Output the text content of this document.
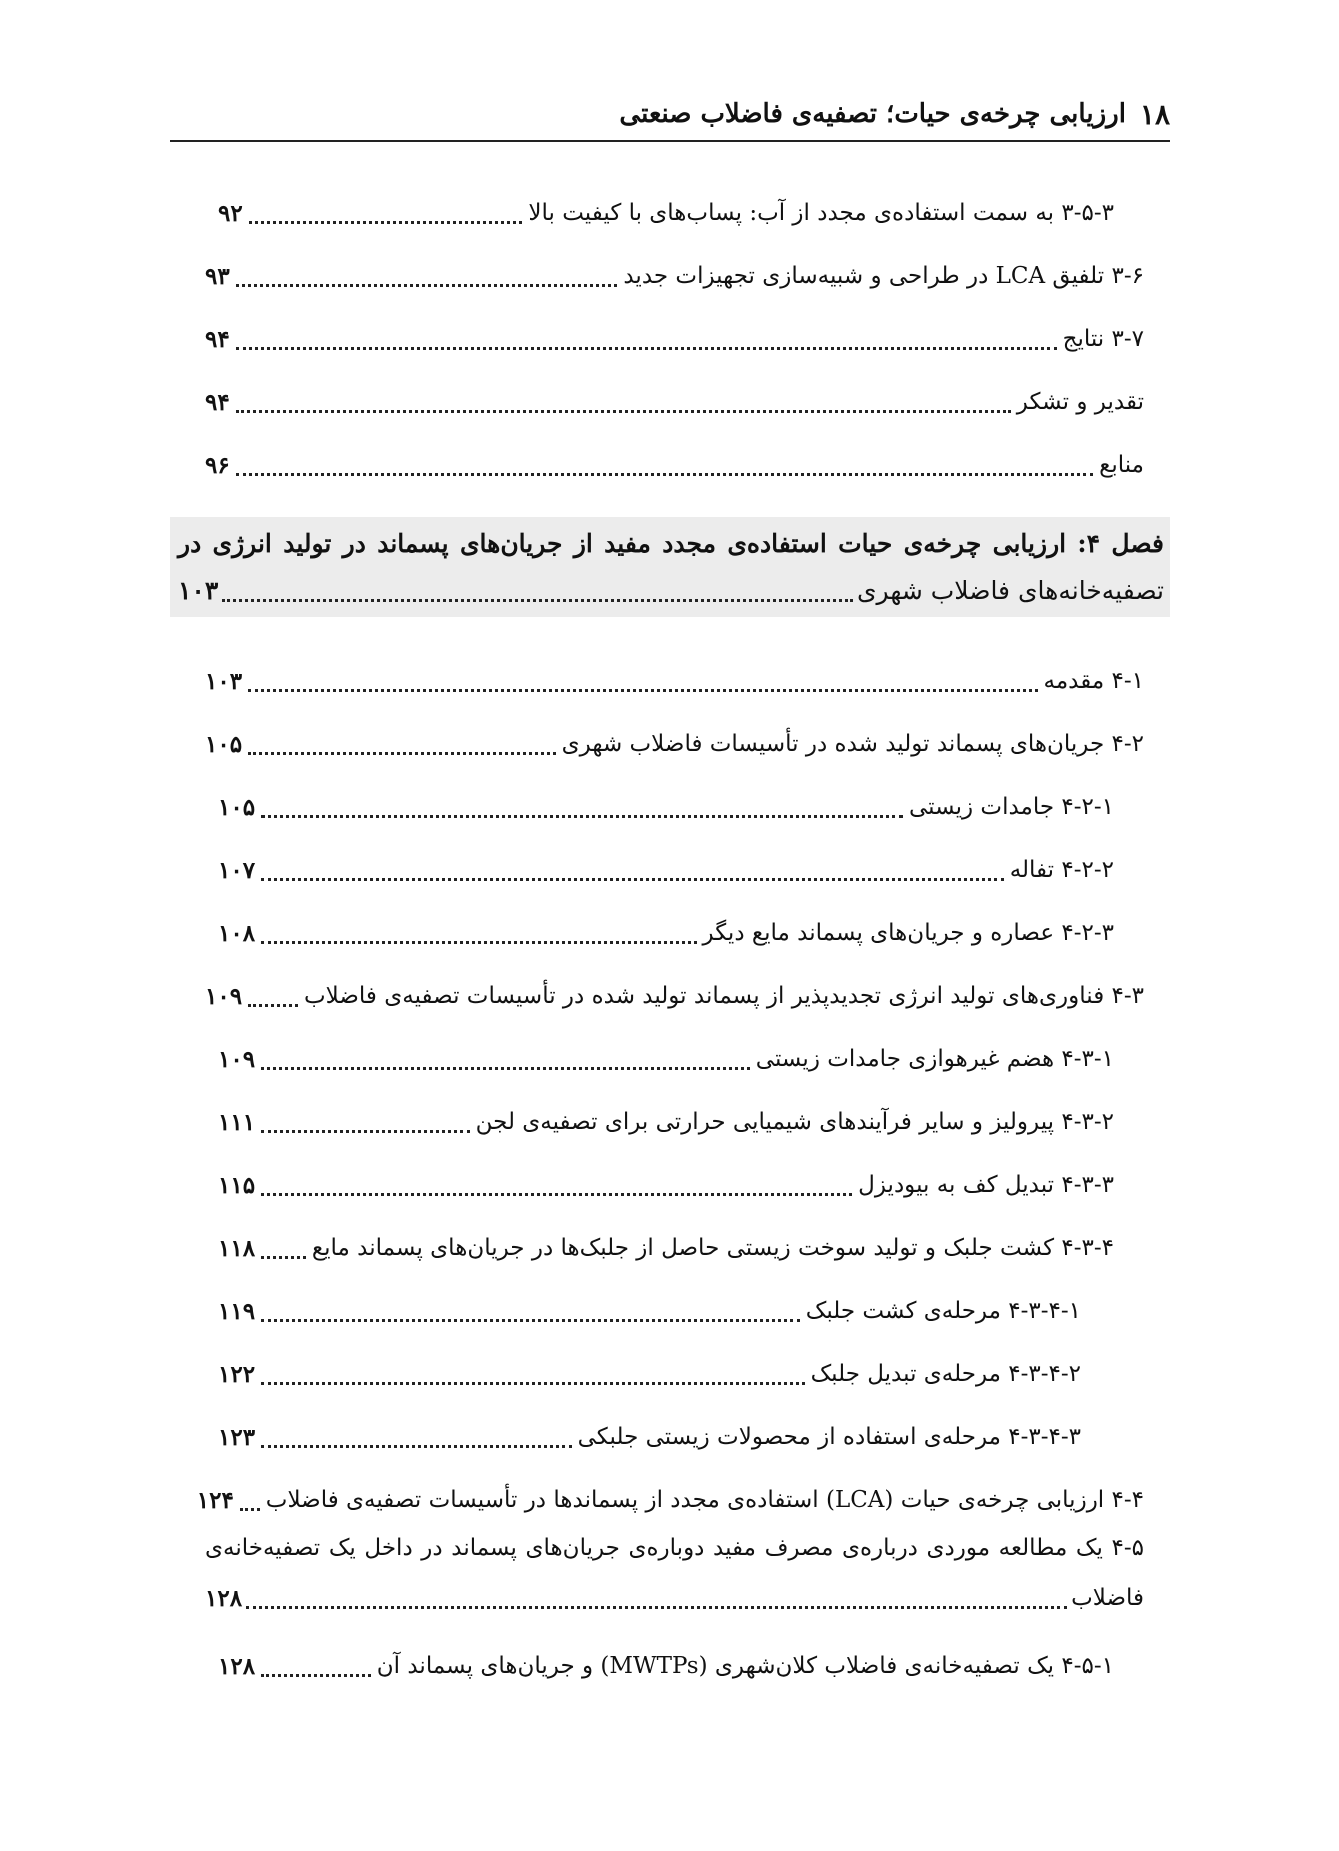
۱۸
ارزیابی چرخه‌ی حیات؛ تصفیه‌ی فاضلاب صنعتی
۳-۵-۳ به سمت استفاده‌ی مجدد از آب: پساب‌های با کیفیت بالا
۹۲
۳-۶ تلفیق LCA در طراحی و شبیه‌سازی تجهیزات جدید
۹۳
۳-۷ نتایج
۹۴
تقدیر و تشکر
۹۴
منابع
۹۶
فصل ۴: ارزیابی چرخه‌ی حیات استفاده‌ی مجدد مفید از جریان‌های پسماند در تولید انرژی در
تصفیه‌خانه‌های فاضلاب شهری
۱۰۳
۴-۱ مقدمه
۱۰۳
۴-۲ جریان‌های پسماند تولید شده در تأسیسات فاضلاب شهری
۱۰۵
۴-۲-۱ جامدات زیستی
۱۰۵
۴-۲-۲ تفاله
۱۰۷
۴-۲-۳ عصاره و جریان‌های پسماند مایع دیگر
۱۰۸
۴-۳ فناوری‌های تولید انرژی تجدیدپذیر از پسماند تولید شده در تأسیسات تصفیه‌ی فاضلاب
۱۰۹
۴-۳-۱ هضم غیرهوازی جامدات زیستی
۱۰۹
۴-۳-۲ پیرولیز و سایر فرآیندهای شیمیایی حرارتی برای تصفیه‌ی لجن
۱۱۱
۴-۳-۳ تبدیل کف به بیودیزل
۱۱۵
۴-۳-۴ کشت جلبک و تولید سوخت زیستی حاصل از جلبک‌ها در جریان‌های پسماند مایع
۱۱۸
۴-۳-۴-۱ مرحله‌ی کشت جلبک
۱۱۹
۴-۳-۴-۲ مرحله‌ی تبدیل جلبک
۱۲۲
۴-۳-۴-۳ مرحله‌ی استفاده از محصولات زیستی جلبکی
۱۲۳
۴-۴ ارزیابی چرخه‌ی حیات (LCA) استفاده‌ی مجدد از پسماندها در تأسیسات تصفیه‌ی فاضلاب
۱۲۴
۴-۵ یک مطالعه موردی درباره‌ی مصرف مفید دوباره‌ی جریان‌های پسماند در داخل یک تصفیه‌خانه‌ی
فاضلاب
۱۲۸
۴-۵-۱ یک تصفیه‌خانه‌ی فاضلاب کلان‌شهری (MWTPs) و جریان‌های پسماند آن
۱۲۸
